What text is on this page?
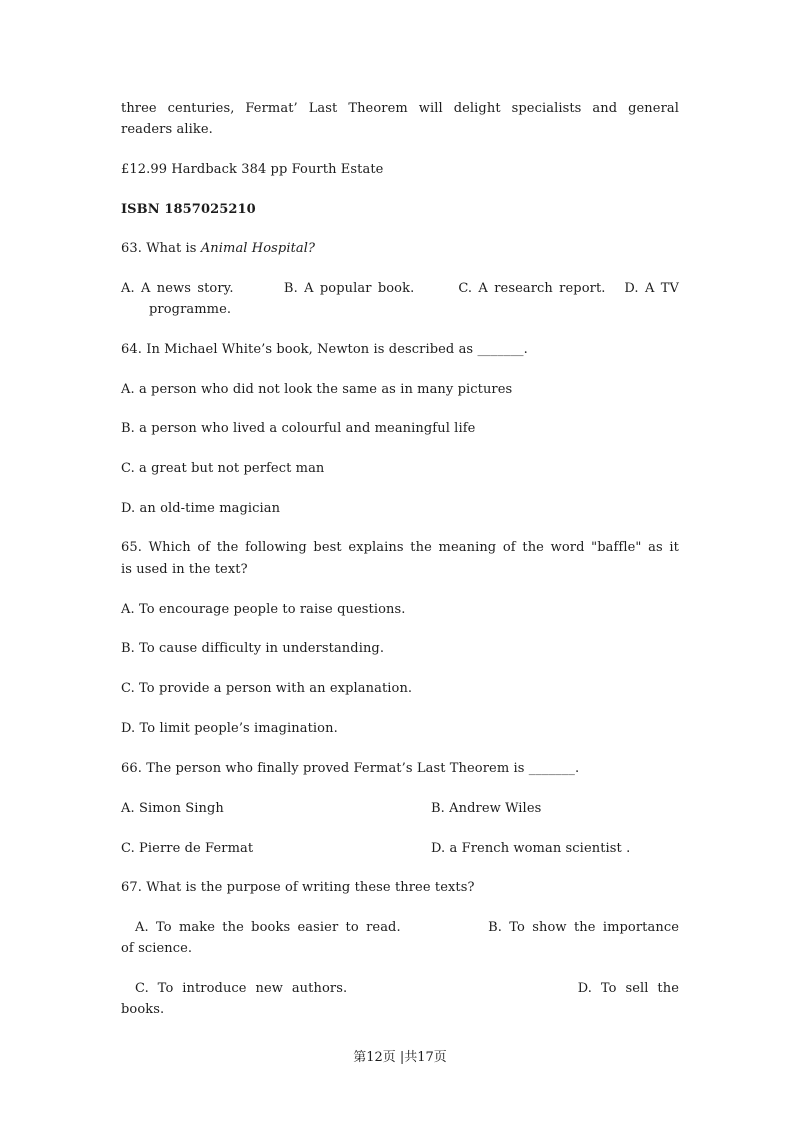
three centuries, Fermat’ Last Theorem will delight specialists and general
readers alike.
£12.99 Hardback 384 pp Fourth Estate
ISBN 1857025210
63. What is Animal Hospital?
A. A news story.        B. A popular book.       C. A research report.   D. A TV
programme.
64. In Michael White’s book, Newton is described as _______.
A. a person who did not look the same as in many pictures
B. a person who lived a colourful and meaningful life
C. a great but not perfect man
D. an old-time magician
65. Which of the following best explains the meaning of the word "baffle" as it
is used in the text?
A. To encourage people to raise questions.
B. To cause difficulty in understanding.
C. To provide a person with an explanation.
D. To limit people’s imagination.
66. The person who finally proved Fermat’s Last Theorem is _______.
A. Simon Singh	B. Andrew Wiles
C. Pierre de Fermat	D. a French woman scientist .
67. What is the purpose of writing these three texts?
A. To make the books easier to read.            B. To show the importance
of science.
C. To introduce new authors.                          D. To sell the
books.
第12页 |共17页
